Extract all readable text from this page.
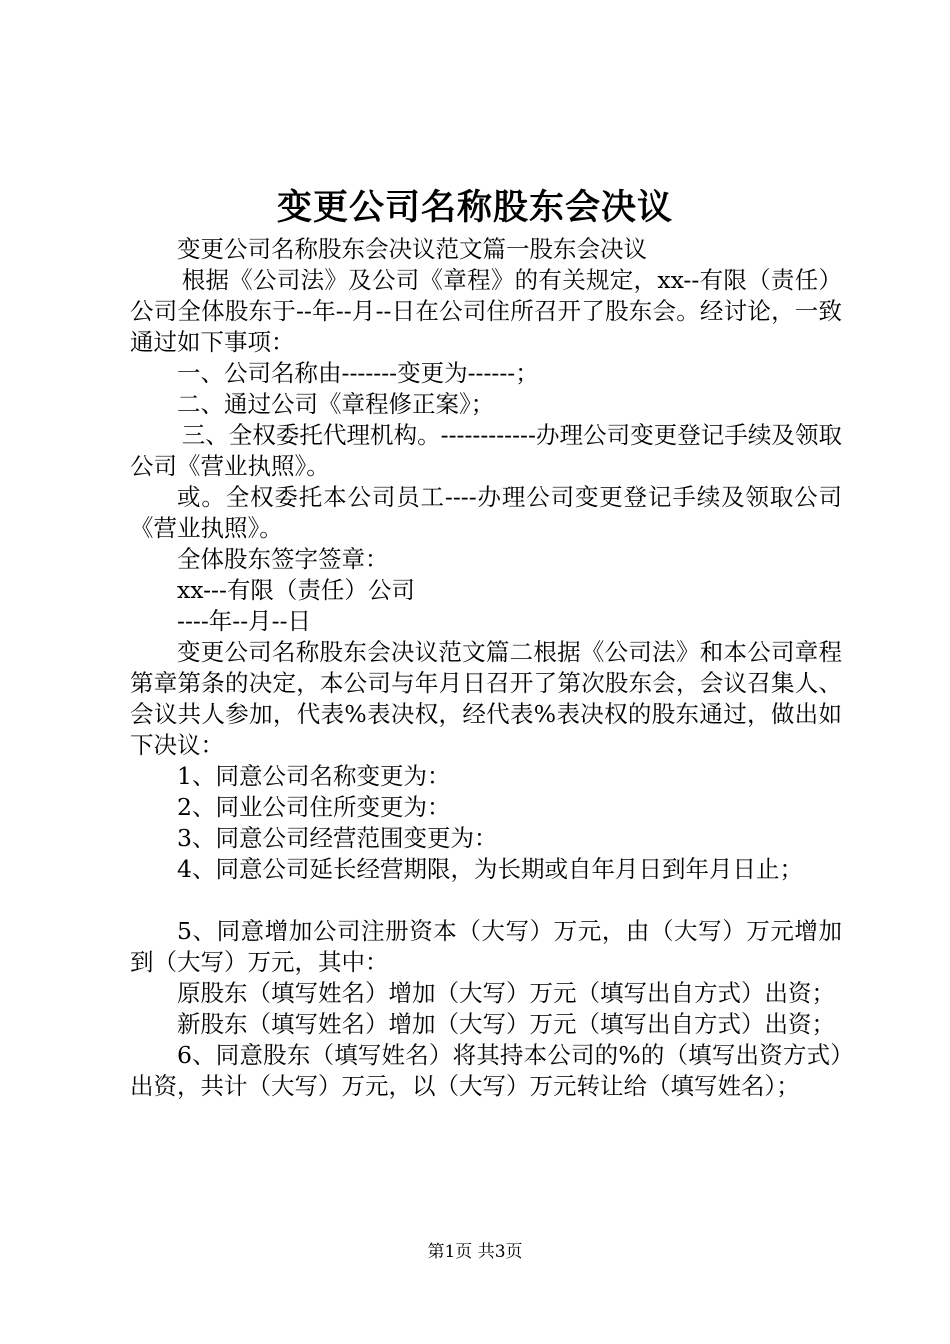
变更公司名称股东会决议

变更公司名称股东会决议范文篇一股东会决议

根据《公司法》及公司《章程》的有关规定，xx--有限（责任）公司全体股东于--年--月--日在公司住所召开了股东会。经讨论，一致通过如下事项：

一、公司名称由-------变更为------；

二、通过公司《章程修正案》；

三、全权委托代理机构。------------办理公司变更登记手续及领取公司《营业执照》。

或。全权委托本公司员工----办理公司变更登记手续及领取公司《营业执照》。

全体股东签字签章：

xx---有限（责任）公司

----年--月--日

变更公司名称股东会决议范文篇二根据《公司法》和本公司章程第章第条的决定，本公司与年月日召开了第次股东会，会议召集人、会议共人参加，代表%表决权，经代表%表决权的股东通过，做出如下决议：

1、同意公司名称变更为：

2、同业公司住所变更为：

3、同意公司经营范围变更为：

4、同意公司延长经营期限，为长期或自年月日到年月日止；

5、同意增加公司注册资本（大写）万元，由（大写）万元增加到（大写）万元，其中：

原股东（填写姓名）增加（大写）万元（填写出自方式）出资；

新股东（填写姓名）增加（大写）万元（填写出自方式）出资；

6、同意股东（填写姓名）将其持本公司的%的（填写出资方式）出资，共计（大写）万元，以（大写）万元转让给（填写姓名）；

第1页 共3页
